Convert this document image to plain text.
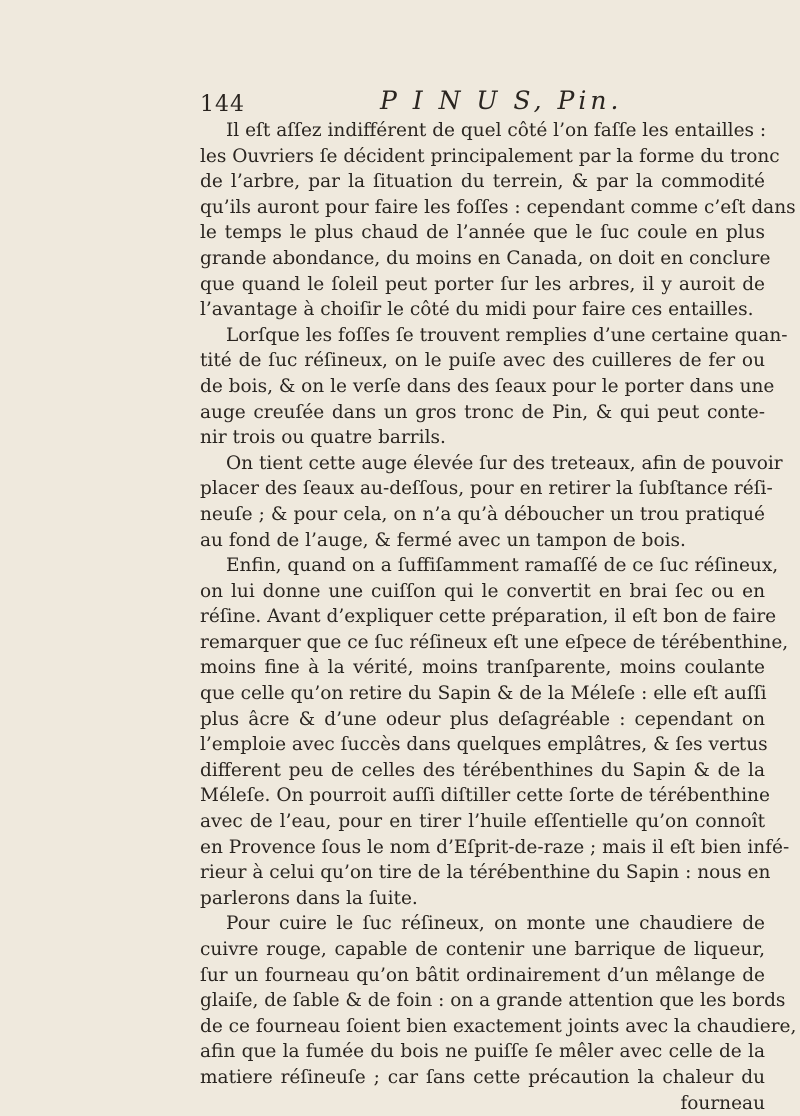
144	P I N U S, Pin.
Il eſt aſſez indifférent de quel côté l’on faſſe les entailles :
les Ouvriers ſe décident principalement par la forme du tronc
de l’arbre, par la ſituation du terrein, & par la commodité
qu’ils auront pour faire les foſſes : cependant comme c’eſt dans
le temps le plus chaud de l’année que le ſuc coule en plus
grande abondance, du moins en Canada, on doit en conclure
que quand le ſoleil peut porter ſur les arbres, il y auroit de
l’avantage à choiſir le côté du midi pour faire ces entailles.
Lorſque les foſſes ſe trouvent remplies d’une certaine quan-
tité de ſuc réſineux, on le puiſe avec des cuilleres de fer ou
de bois, & on le verſe dans des ſeaux pour le porter dans une
auge creuſée dans un gros tronc de Pin, & qui peut conte-
nir trois ou quatre barrils.
On tient cette auge élevée ſur des treteaux, afin de pouvoir
placer des ſeaux au-deſſous, pour en retirer la ſubſtance réſi-
neuſe ; & pour cela, on n’a qu’à déboucher un trou pratiqué
au fond de l’auge, & fermé avec un tampon de bois.
Enfin, quand on a ſuffiſamment ramaſſé de ce ſuc réſineux,
on lui donne une cuiſſon qui le convertit en brai ſec ou en
réſine. Avant d’expliquer cette préparation, il eſt bon de faire
remarquer que ce ſuc réſineux eſt une eſpece de térébenthine,
moins fine à la vérité, moins tranſparente, moins coulante
que celle qu’on retire du Sapin & de la Méleſe : elle eſt auſſi
plus âcre & d’une odeur plus deſagréable : cependant on
l’emploie avec ſuccès dans quelques emplâtres, & ſes vertus
different peu de celles des térébenthines du Sapin & de la
Méleſe. On pourroit auſſi diſtiller cette ſorte de térébenthine
avec de l’eau, pour en tirer l’huile eſſentielle qu’on connoît
en Provence ſous le nom d’Eſprit-de-raze ; mais il eſt bien infé-
rieur à celui qu’on tire de la térébenthine du Sapin : nous en
parlerons dans la ſuite.
Pour cuire le ſuc réſineux, on monte une chaudiere de
cuivre rouge, capable de contenir une barrique de liqueur,
ſur un fourneau qu’on bâtit ordinairement d’un mêlange de
glaiſe, de ſable & de foin : on a grande attention que les bords
de ce fourneau ſoient bien exactement joints avec la chaudiere,
afin que la fumée du bois ne puiſſe ſe mêler avec celle de la
matiere réſineuſe ; car ſans cette précaution la chaleur du
fourneau
